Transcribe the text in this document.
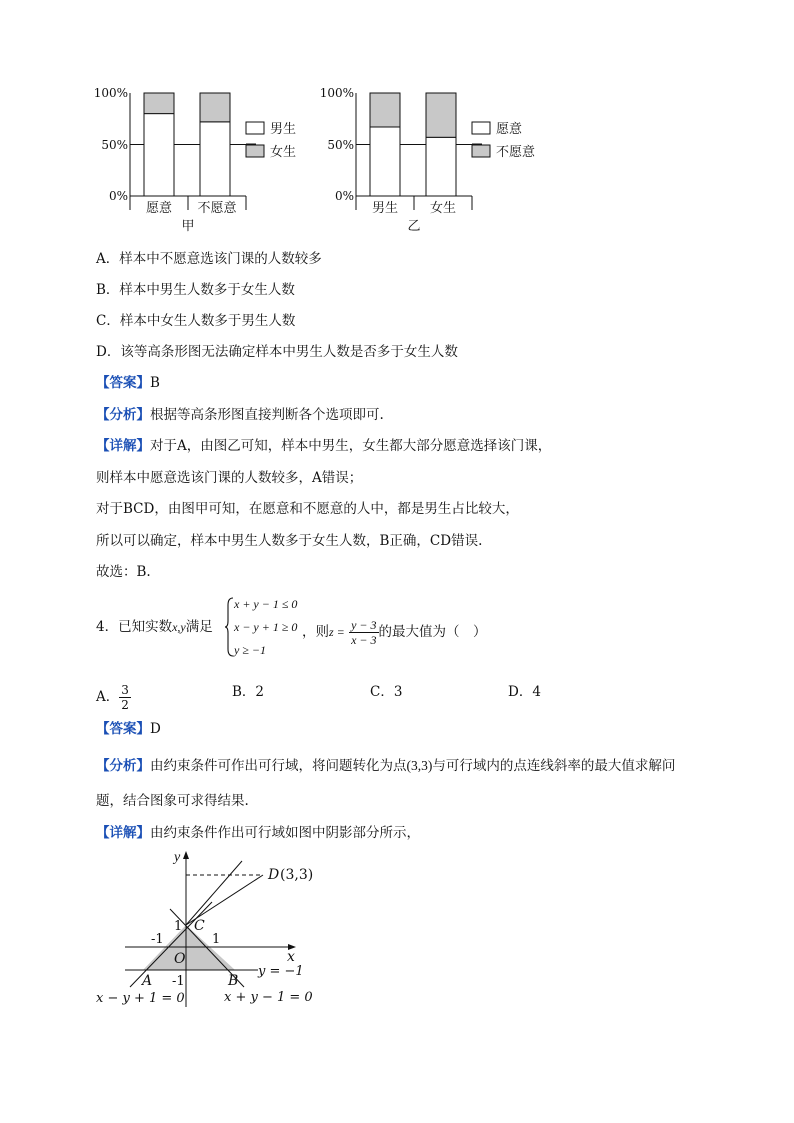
100%
50%
0%
愿意 不愿意
甲
男生
女生
100%
50%
0%
男生 女生
乙
愿意
不愿意
A．样本中不愿意选该门课的人数较多
B．样本中男生人数多于女生人数
C．样本中女生人数多于男生人数
D．该等高条形图无法确定样本中男生人数是否多于女生人数
【答案】B
【分析】根据等高条形图直接判断各个选项即可.
【详解】对于A，由图乙可知，样本中男生，女生都大部分愿意选择该门课，
则样本中愿意选该门课的人数较多，A错误；
对于BCD，由图甲可知，在愿意和不愿意的人中，都是男生占比较大，
所以可以确定，样本中男生人数多于女生人数，B正确，CD错误.
故选：B.
4．已知实数x,y满足
x + y − 1 ≤ 0
x − y + 1 ≥ 0
y ≥ −1
，则$z = \frac{y - 3}{x - 3}$ 的最大值为（　）
A． $\frac{3}{2}$	B．2	C．3	D．4
【答案】D
【分析】由约束条件可作出可行域，将问题转化为点(3,3)与可行域内的点连线斜率的最大值求解问
题，结合图象可求得结果.
【详解】由约束条件作出可行域如图中阴影部分所示，
y
x
D (3,3)
C
1
-1	1
O
-1
A	B
y = −1
x − y + 1 = 0	x + y − 1 = 0
